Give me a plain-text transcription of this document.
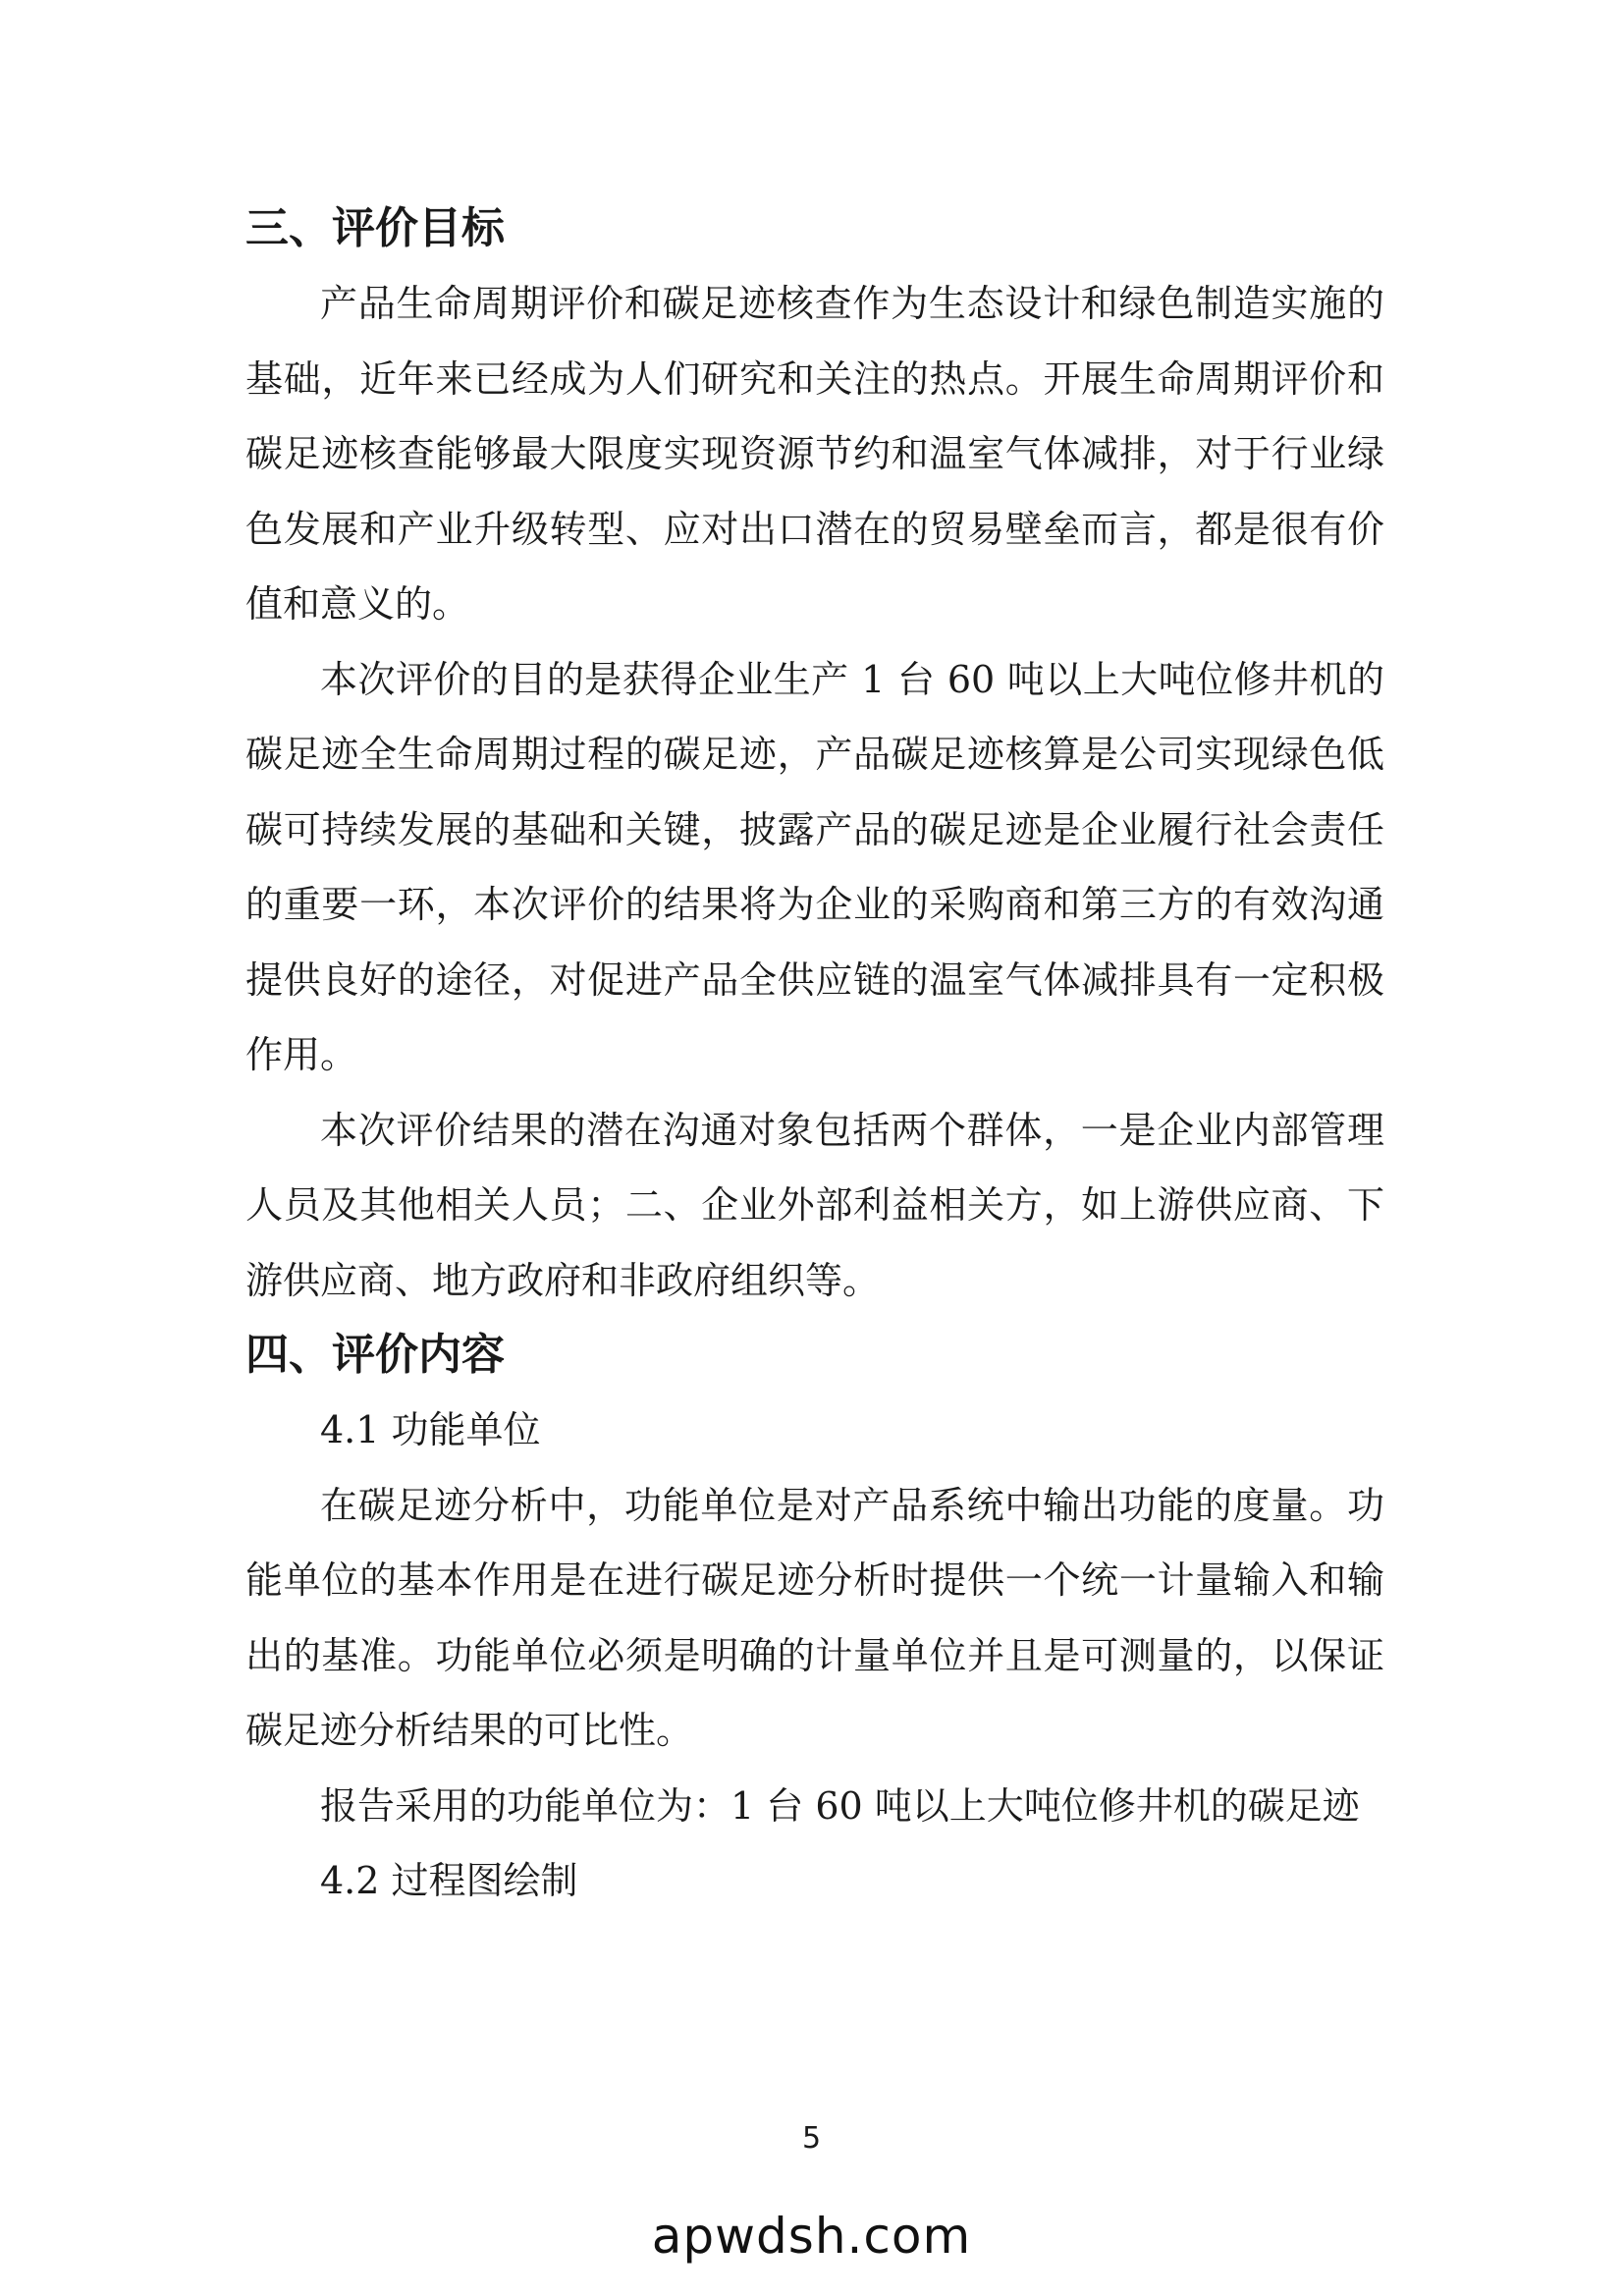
三、评价目标

产品生命周期评价和碳足迹核查作为生态设计和绿色制造实施的基础，近年来已经成为人们研究和关注的热点。开展生命周期评价和碳足迹核查能够最大限度实现资源节约和温室气体减排，对于行业绿色发展和产业升级转型、应对出口潜在的贸易壁垒而言，都是很有价值和意义的。

本次评价的目的是获得企业生产 1 台 60 吨以上大吨位修井机的碳足迹全生命周期过程的碳足迹，产品碳足迹核算是公司实现绿色低碳可持续发展的基础和关键，披露产品的碳足迹是企业履行社会责任的重要一环，本次评价的结果将为企业的采购商和第三方的有效沟通提供良好的途径，对促进产品全供应链的温室气体减排具有一定积极作用。

本次评价结果的潜在沟通对象包括两个群体，一是企业内部管理人员及其他相关人员；二、企业外部利益相关方，如上游供应商、下游供应商、地方政府和非政府组织等。

四、评价内容

4.1 功能单位

在碳足迹分析中，功能单位是对产品系统中输出功能的度量。功能单位的基本作用是在进行碳足迹分析时提供一个统一计量输入和输出的基准。功能单位必须是明确的计量单位并且是可测量的，以保证碳足迹分析结果的可比性。

报告采用的功能单位为：1 台 60 吨以上大吨位修井机的碳足迹

4.2 过程图绘制

5
apwdsh.com
